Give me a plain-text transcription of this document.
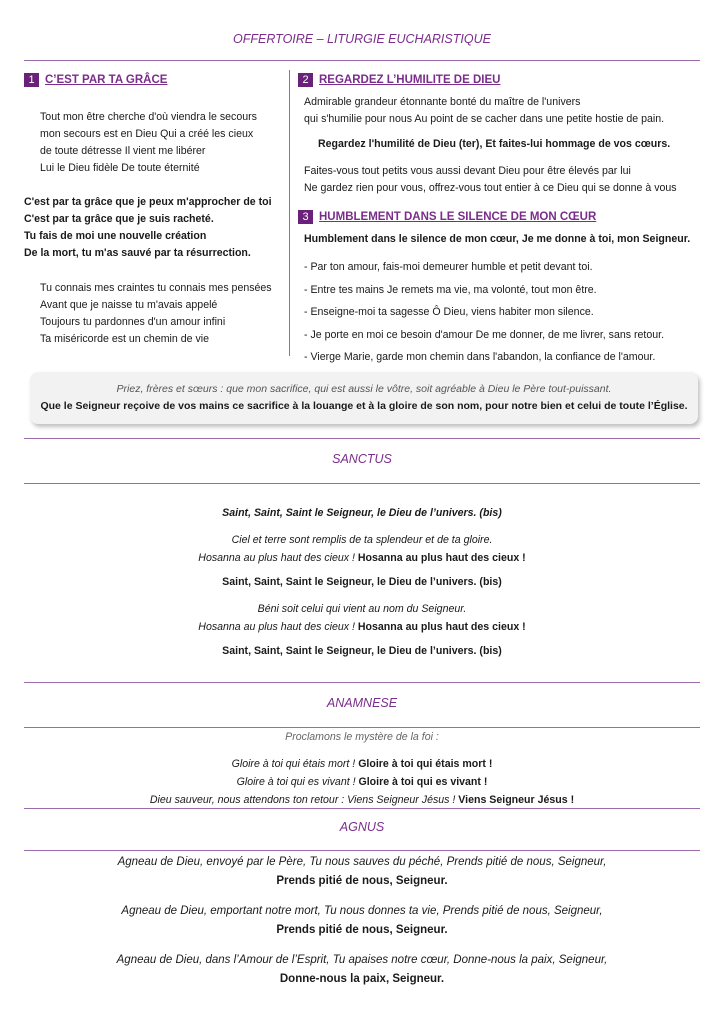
OFFERTOIRE – LITURGIE EUCHARISTIQUE
1 C’EST PAR TA GRÂCE
Tout mon être cherche d'où viendra le secours
mon secours est en Dieu Qui a créé les cieux
de toute détresse Il vient me libérer
Lui le Dieu fidèle De toute éternité
C'est par ta grâce que je peux m'approcher de toi
C'est par ta grâce que je suis racheté.
Tu fais de moi une nouvelle création
De la mort, tu m'as sauvé par ta résurrection.
Tu connais mes craintes tu connais mes pensées
Avant que je naisse tu m'avais appelé
Toujours tu pardonnes d'un amour infini
Ta miséricorde est un chemin de vie
2 REGARDEZ L’HUMILITE DE DIEU
Admirable grandeur étonnante bonté du maître de l'univers
qui s'humilie pour nous Au point de se cacher dans une petite hostie de pain.
Regardez l'humilité de Dieu (ter), Et faites-lui hommage de vos cœurs.
Faites-vous tout petits vous aussi devant Dieu pour être élevés par lui
Ne gardez rien pour vous, offrez-vous tout entier à ce Dieu qui se donne à vous
3 HUMBLEMENT DANS LE SILENCE DE MON CŒUR
Humblement dans le silence de mon cœur, Je me donne à toi, mon Seigneur.
- Par ton amour, fais-moi demeurer humble et petit devant toi.
- Entre tes mains Je remets ma vie, ma volonté, tout mon être.
- Enseigne-moi ta sagesse Ô Dieu, viens habiter mon silence.
- Je porte en moi ce besoin d'amour De me donner, de me livrer, sans retour.
- Vierge Marie, garde mon chemin dans l'abandon, la confiance de l'amour.
Priez, frères et sœurs : que mon sacrifice, qui est aussi le vôtre, soit agréable à Dieu le Père tout-puissant.
Que le Seigneur reçoive de vos mains ce sacrifice à la louange et à la gloire de son nom, pour notre bien et celui de toute l’Église.
SANCTUS
Saint, Saint, Saint le Seigneur, le Dieu de l’univers. (bis)
Ciel et terre sont remplis de ta splendeur et de ta gloire.
Hosanna au plus haut des cieux ! Hosanna au plus haut des cieux !
Saint, Saint, Saint le Seigneur, le Dieu de l’univers. (bis)
Béni soit celui qui vient au nom du Seigneur.
Hosanna au plus haut des cieux ! Hosanna au plus haut des cieux !
Saint, Saint, Saint le Seigneur, le Dieu de l’univers. (bis)
ANAMNESE
Proclamons le mystère de la foi :
Gloire à toi qui étais mort ! Gloire à toi qui étais mort !
Gloire à toi qui es vivant ! Gloire à toi qui es vivant !
Dieu sauveur, nous attendons ton retour : Viens Seigneur Jésus ! Viens Seigneur Jésus !
AGNUS
Agneau de Dieu, envoyé par le Père, Tu nous sauves du péché, Prends pitié de nous, Seigneur,
Prends pitié de nous, Seigneur.
Agneau de Dieu, emportant notre mort, Tu nous donnes ta vie, Prends pitié de nous, Seigneur,
Prends pitié de nous, Seigneur.
Agneau de Dieu, dans l’Amour de l’Esprit, Tu apaises notre cœur, Donne-nous la paix, Seigneur,
Donne-nous la paix, Seigneur.
